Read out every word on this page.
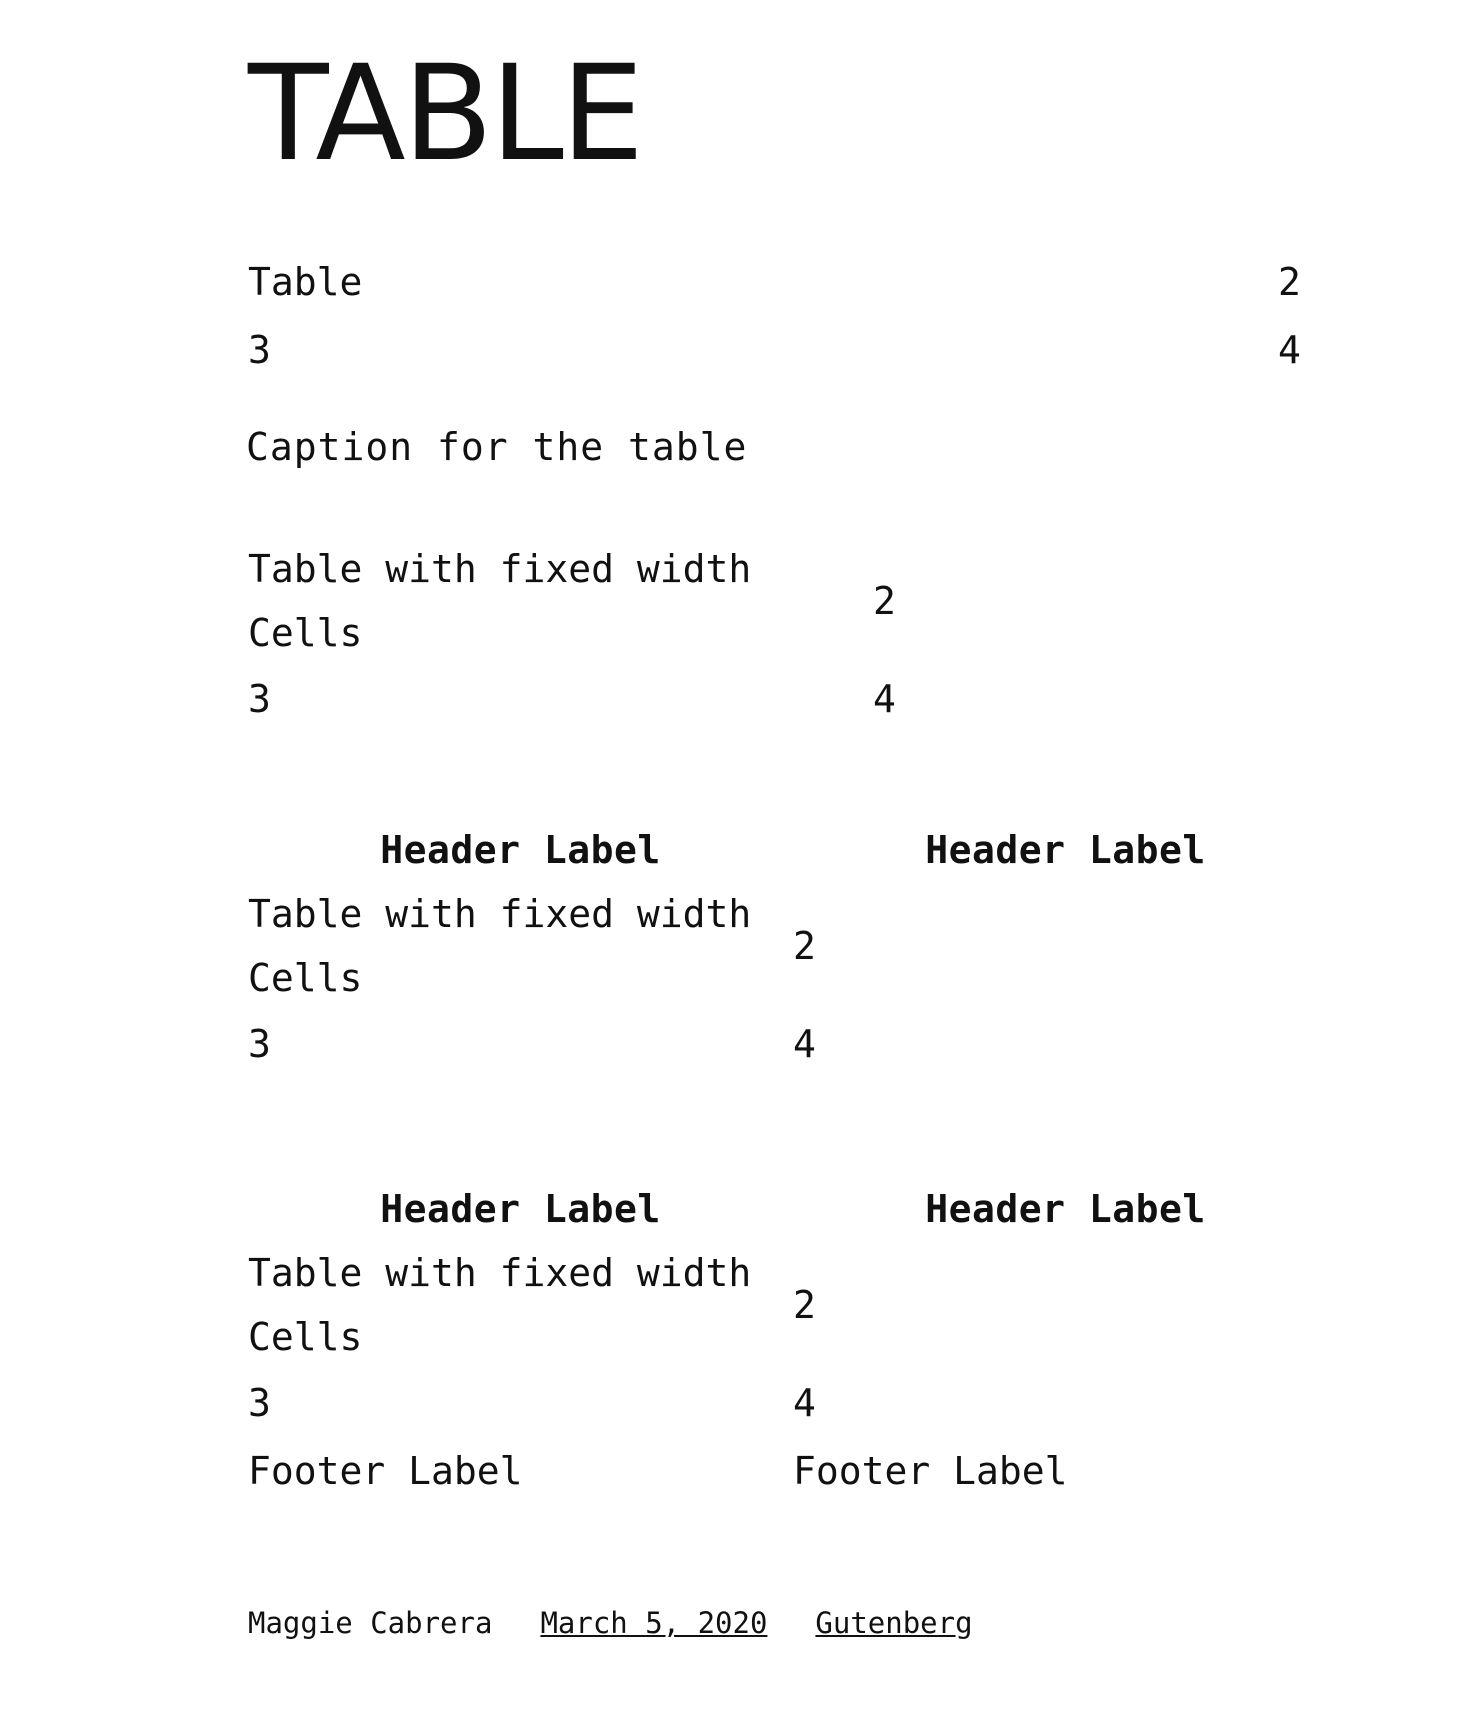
TABLE
Table	2
3	4
Caption for the table
Table with fixed width Cells	2
3	4
Header Label	Header Label
Table with fixed width Cells	2
3	4
Header Label	Header Label
Table with fixed width Cells	2
3	4
Footer Label	Footer Label
Maggie Cabrera March 5, 2020 Gutenberg
